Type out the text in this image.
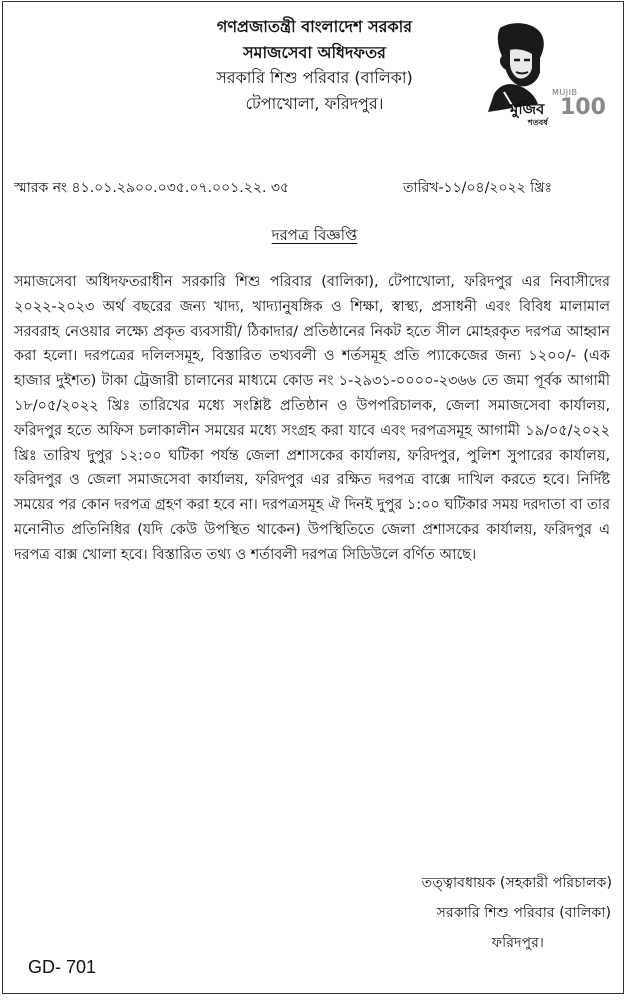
গণপ্রজাতন্ত্রী বাংলাদেশ সরকার
সমাজসেবা অধিদফতর
সরকারি শিশু পরিবার (বালিকা)
টেপাখোলা, ফরিদপুর।
MUJIB
মুজিব 100
শতবর্ষ
স্মারক নং ৪১.০১.২৯০০.০৩৫.০৭.০০১.২২. ৩৫	তারিখ-১১/০৪/২০২২ খ্রিঃ
দরপত্র বিজ্ঞপ্তি
সমাজসেবা অধিদফতরাধীন সরকারি শিশু পরিবার (বালিকা), টেপাখোলা, ফরিদপুর এর নিবাসীদের ২০২২-২০২৩ অর্থ বছরের জন্য খাদ্য, খাদ্যানুষঙ্গিক ও শিক্ষা, স্বাস্থ্য, প্রসাধনী এবং বিবিধ মালামাল সরবরাহ নেওয়ার লক্ষ্যে প্রকৃত ব্যবসায়ী/ ঠিকাদার/ প্রতিষ্ঠানের নিকট হতে সীল মোহরকৃত দরপত্র আহ্বান করা হলো। দরপত্রের দলিলসমূহ, বিস্তারিত তথ্যবলী ও শর্তসমূহ প্রতি প্যাকেজের জন্য ১২০০/- (এক হাজার দুইশত) টাকা ট্রেজারী চালানের মাধ্যমে কোড নং ১-২৯৩১-০০০০-২৩৬৬ তে জমা পূর্বক আগামী ১৮/০৫/২০২২ খ্রিঃ তারিখের মধ্যে সংশ্লিষ্ট প্রতিষ্ঠান ও উপপরিচালক, জেলা সমাজসেবা কার্যালয়, ফরিদপুর হতে অফিস চলাকালীন সময়ের মধ্যে সংগ্রহ করা যাবে এবং দরপত্রসমূহ আগামী ১৯/০৫/২০২২ খ্রিঃ তারিখ দুপুর ১২:০০ ঘটিকা পর্যন্ত জেলা প্রশাসকের কার্যালয়, ফরিদপুর, পুলিশ সুপারের কার্যালয়, ফরিদপুর ও জেলা সমাজসেবা কার্যালয়, ফরিদপুর এর রক্ষিত দরপত্র বাক্সে দাখিল করতে হবে। নির্দিষ্ট সময়ের পর কোন দরপত্র গ্রহণ করা হবে না। দরপত্রসমূহ ঐ দিনই দুপুর ১:০০ ঘটিকার সময় দরদাতা বা তার মনোনীত প্রতিনিধির (যদি কেউ উপস্থিত থাকেন) উপস্থিতিতে জেলা প্রশাসকের কার্যালয়, ফরিদপুর এ দরপত্র বাক্স খোলা হবে। বিস্তারিত তথ্য ও শর্তাবলী দরপত্র সিডিউলে বর্ণিত আছে।
তত্ত্বাবধায়ক (সহকারী পরিচালক)
সরকারি শিশু পরিবার (বালিকা)
ফরিদপুর।
GD- 701
